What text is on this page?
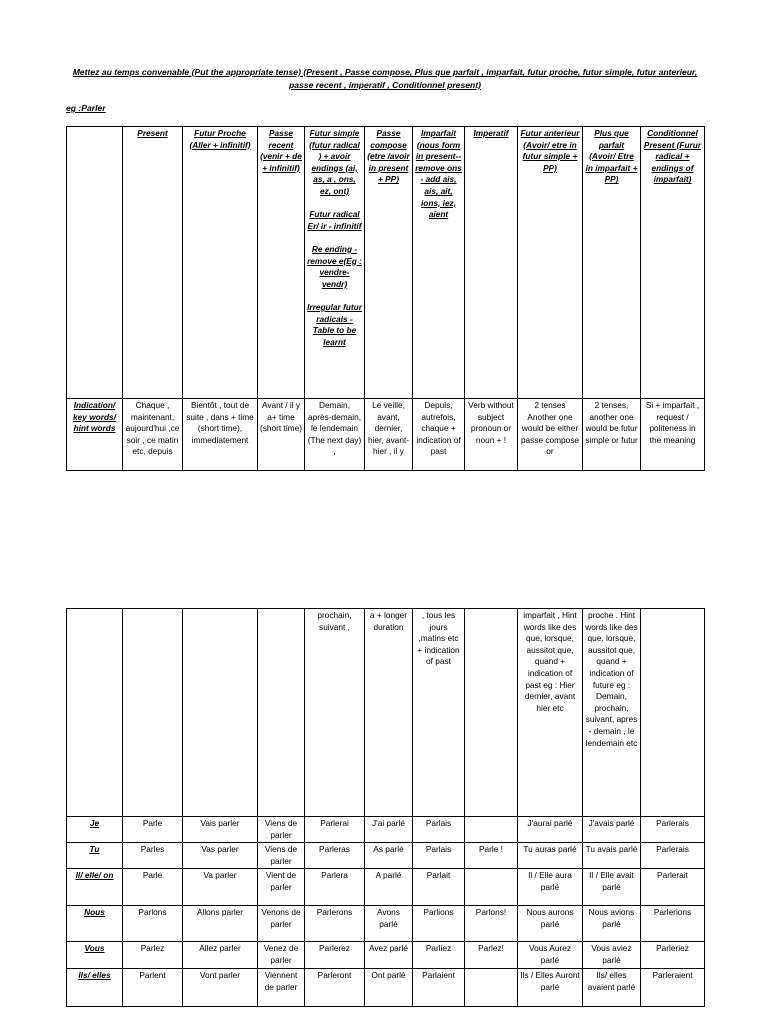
Mettez au temps convenable (Put the appropriate tense) (Present , Passe compose, Plus que parfait , imparfait, futur proche, futur simple, futur anterieur, passe recent , imperatif , Conditionnel present)
eg :Parler
	Present	Futur Proche (Aller + infinitif)	Passe recent (venir + de + infinitif)	Futur simple (futur radical ) + avoir endings (ai, as, a , ons, ez, ont)
Futur radical Er/ ir - infinitif
Re ending - remove e(Eg : vendre- vendr)
Irregular futur radicals - Table to be learnt	Passe compose (etre /avoir in present + PP)	Imparfait (nous form in present-- remove ons - add ais, ais, ait, ions, iez, aient	Imperatif	Futur anterieur (Avoir/ etre in futur simple + PP)	Plus que parfait (Avoir/ Etre in imparfait + PP)	Conditionnel Present (Furur radical + endings of imparfait)
Indication/ key words/ hint words	Chaque , maintenant, aujourd'hui ,ce soir , ce matin etc, depuis	Bientôt , tout de suite , dans + time (short time), immediatement	Avant / il y a+ time (short time)	Demain, après-demain, le lendemain (The next day) ,	Le veille, avant, dernier, hier, avant-hier , il y	Depuis, autrefois, chaque + indication of past	Verb without subject pronoun or noun + !	2 tenses Another one would be either passe compose or	2 tenses, another one would be futur simple or futur	Si + imparfait , request / politeness in the meaning
				prochain, suivant ,	a + longer duration	, tous les jours ,matins etc + indication of past		imparfait , Hint words like des que, lorsque, aussitot que, quand + indication of past eg : Hier dernier, avant hier etc	proche . Hint words like des que, lorsque, aussitot que, quand + indication of future eg : Demain, prochain, suivant, apres - demain , le lendemain etc	
Je	Parle	Vais parler	Viens de parler	Parlerai	J'ai parlé	Parlais		J'aurai parlé	J'avais parlé	Parlerais
Tu	Parles	Vas parler	Viens de parler	Parleras	As parlé	Parlais	Parle !	Tu auras parlé	Tu avais parlé	Parlerais
Il/ elle/ on	Parle	Va parler	Vient de parler	Parlera	A parlé	Parlait		Il / Elle aura parlé	Il / Elle avait parlé	Parlerait
Nous	Parlons	Allons parler	Venons de parler	Parlerons	Avons parlé	Parlions	Parlons!	Nous aurons parlé	Nous avions parlé	Parlerions
Vous	Parlez	Allez parler	Venez de parler	Parlerez	Avez parlé	Parliez	Parlez!	Vous Aurez parlé	Vous aviez parlé	Parleriez
Ils/ elles	Parlent	Vont parler	Viennent de parler	Parleront	Ont parlé	Parlaient		Ils / Elles Auront parlé	Ils/ elles avaient parlé	Parleraient
